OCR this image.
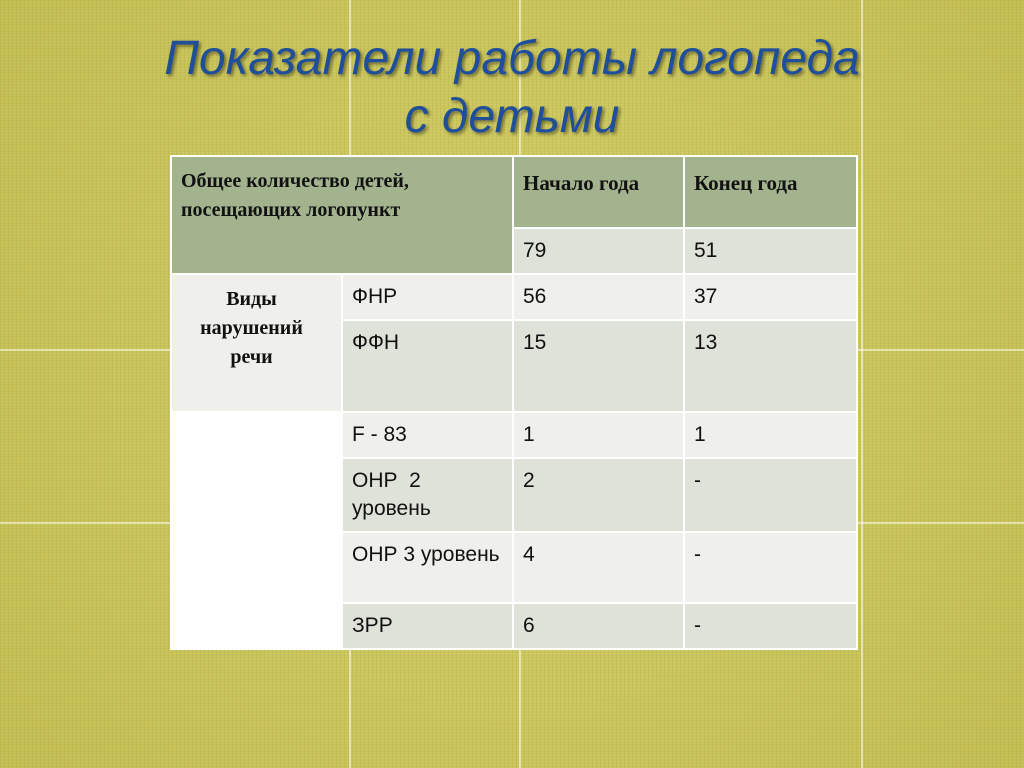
Показатели работы логопеда
с детьми
Общее количество детей, посещающих логопункт		Начало года	Конец года
		79	51
Виды нарушений речи	ФНР	56	37
	ФФН	15	13
	F - 83	1	1
	ОНР  2 уровень	2	-
	ОНР 3 уровень	4	-
	ЗРР	6	-
